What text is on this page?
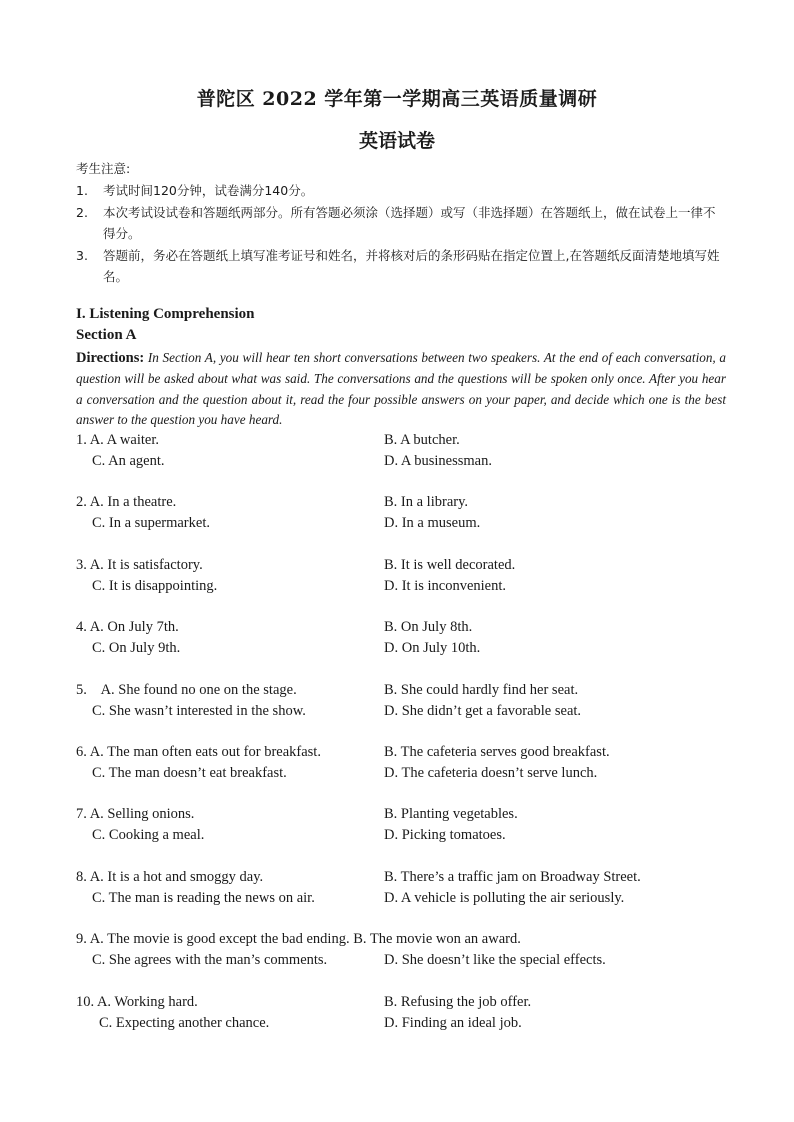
普陀区 2022 学年第一学期高三英语质量调研
英语试卷
考生注意:
1.	考试时间120分钟，试卷满分140分。
2.	本次考试设试卷和答题纸两部分。所有答题必须涂（选择题）或写（非选择题）在答题纸上，做在试卷上一律不得分。
3.	答题前，务必在答题纸上填写准考证号和姓名，并将核对后的条形码贴在指定位置上,在答题纸反面清楚地填写姓名。
I. Listening Comprehension
Section A
Directions: In Section A, you will hear ten short conversations between two speakers. At the end of each conversation, a question will be asked about what was said. The conversations and the questions will be spoken only once. After you hear a conversation and the question about it, read the four possible answers on your paper, and decide which one is the best answer to the question you have heard.
1. A. A waiter.	B. A butcher.
C. An agent.	D. A businessman.
2. A. In a theatre.	B. In a library.
C. In a supermarket.	D. In a museum.
3. A. It is satisfactory.	B. It is well decorated.
C. It is disappointing.	D. It is inconvenient.
4. A. On July 7th.	B. On July 8th.
C. On July 9th.	D. On July 10th.
5.    A. She found no one on the stage.	B. She could hardly find her seat.
C. She wasn’t interested in the show.	D. She didn’t get a favorable seat.
6. A. The man often eats out for breakfast.	B. The cafeteria serves good breakfast.
C. The man doesn’t eat breakfast.	D. The cafeteria doesn’t serve lunch.
7. A. Selling onions.	B. Planting vegetables.
C. Cooking a meal.	D. Picking tomatoes.
8. A. It is a hot and smoggy day.	B. There’s a traffic jam on Broadway Street.
C. The man is reading the news on air.	D. A vehicle is polluting the air seriously.
9. A. The movie is good except the bad ending. B. The movie won an award.
C. She agrees with the man’s comments.	D. She doesn’t like the special effects.
10. A. Working hard.	B. Refusing the job offer.
C. Expecting another chance.	D. Finding an ideal job.
